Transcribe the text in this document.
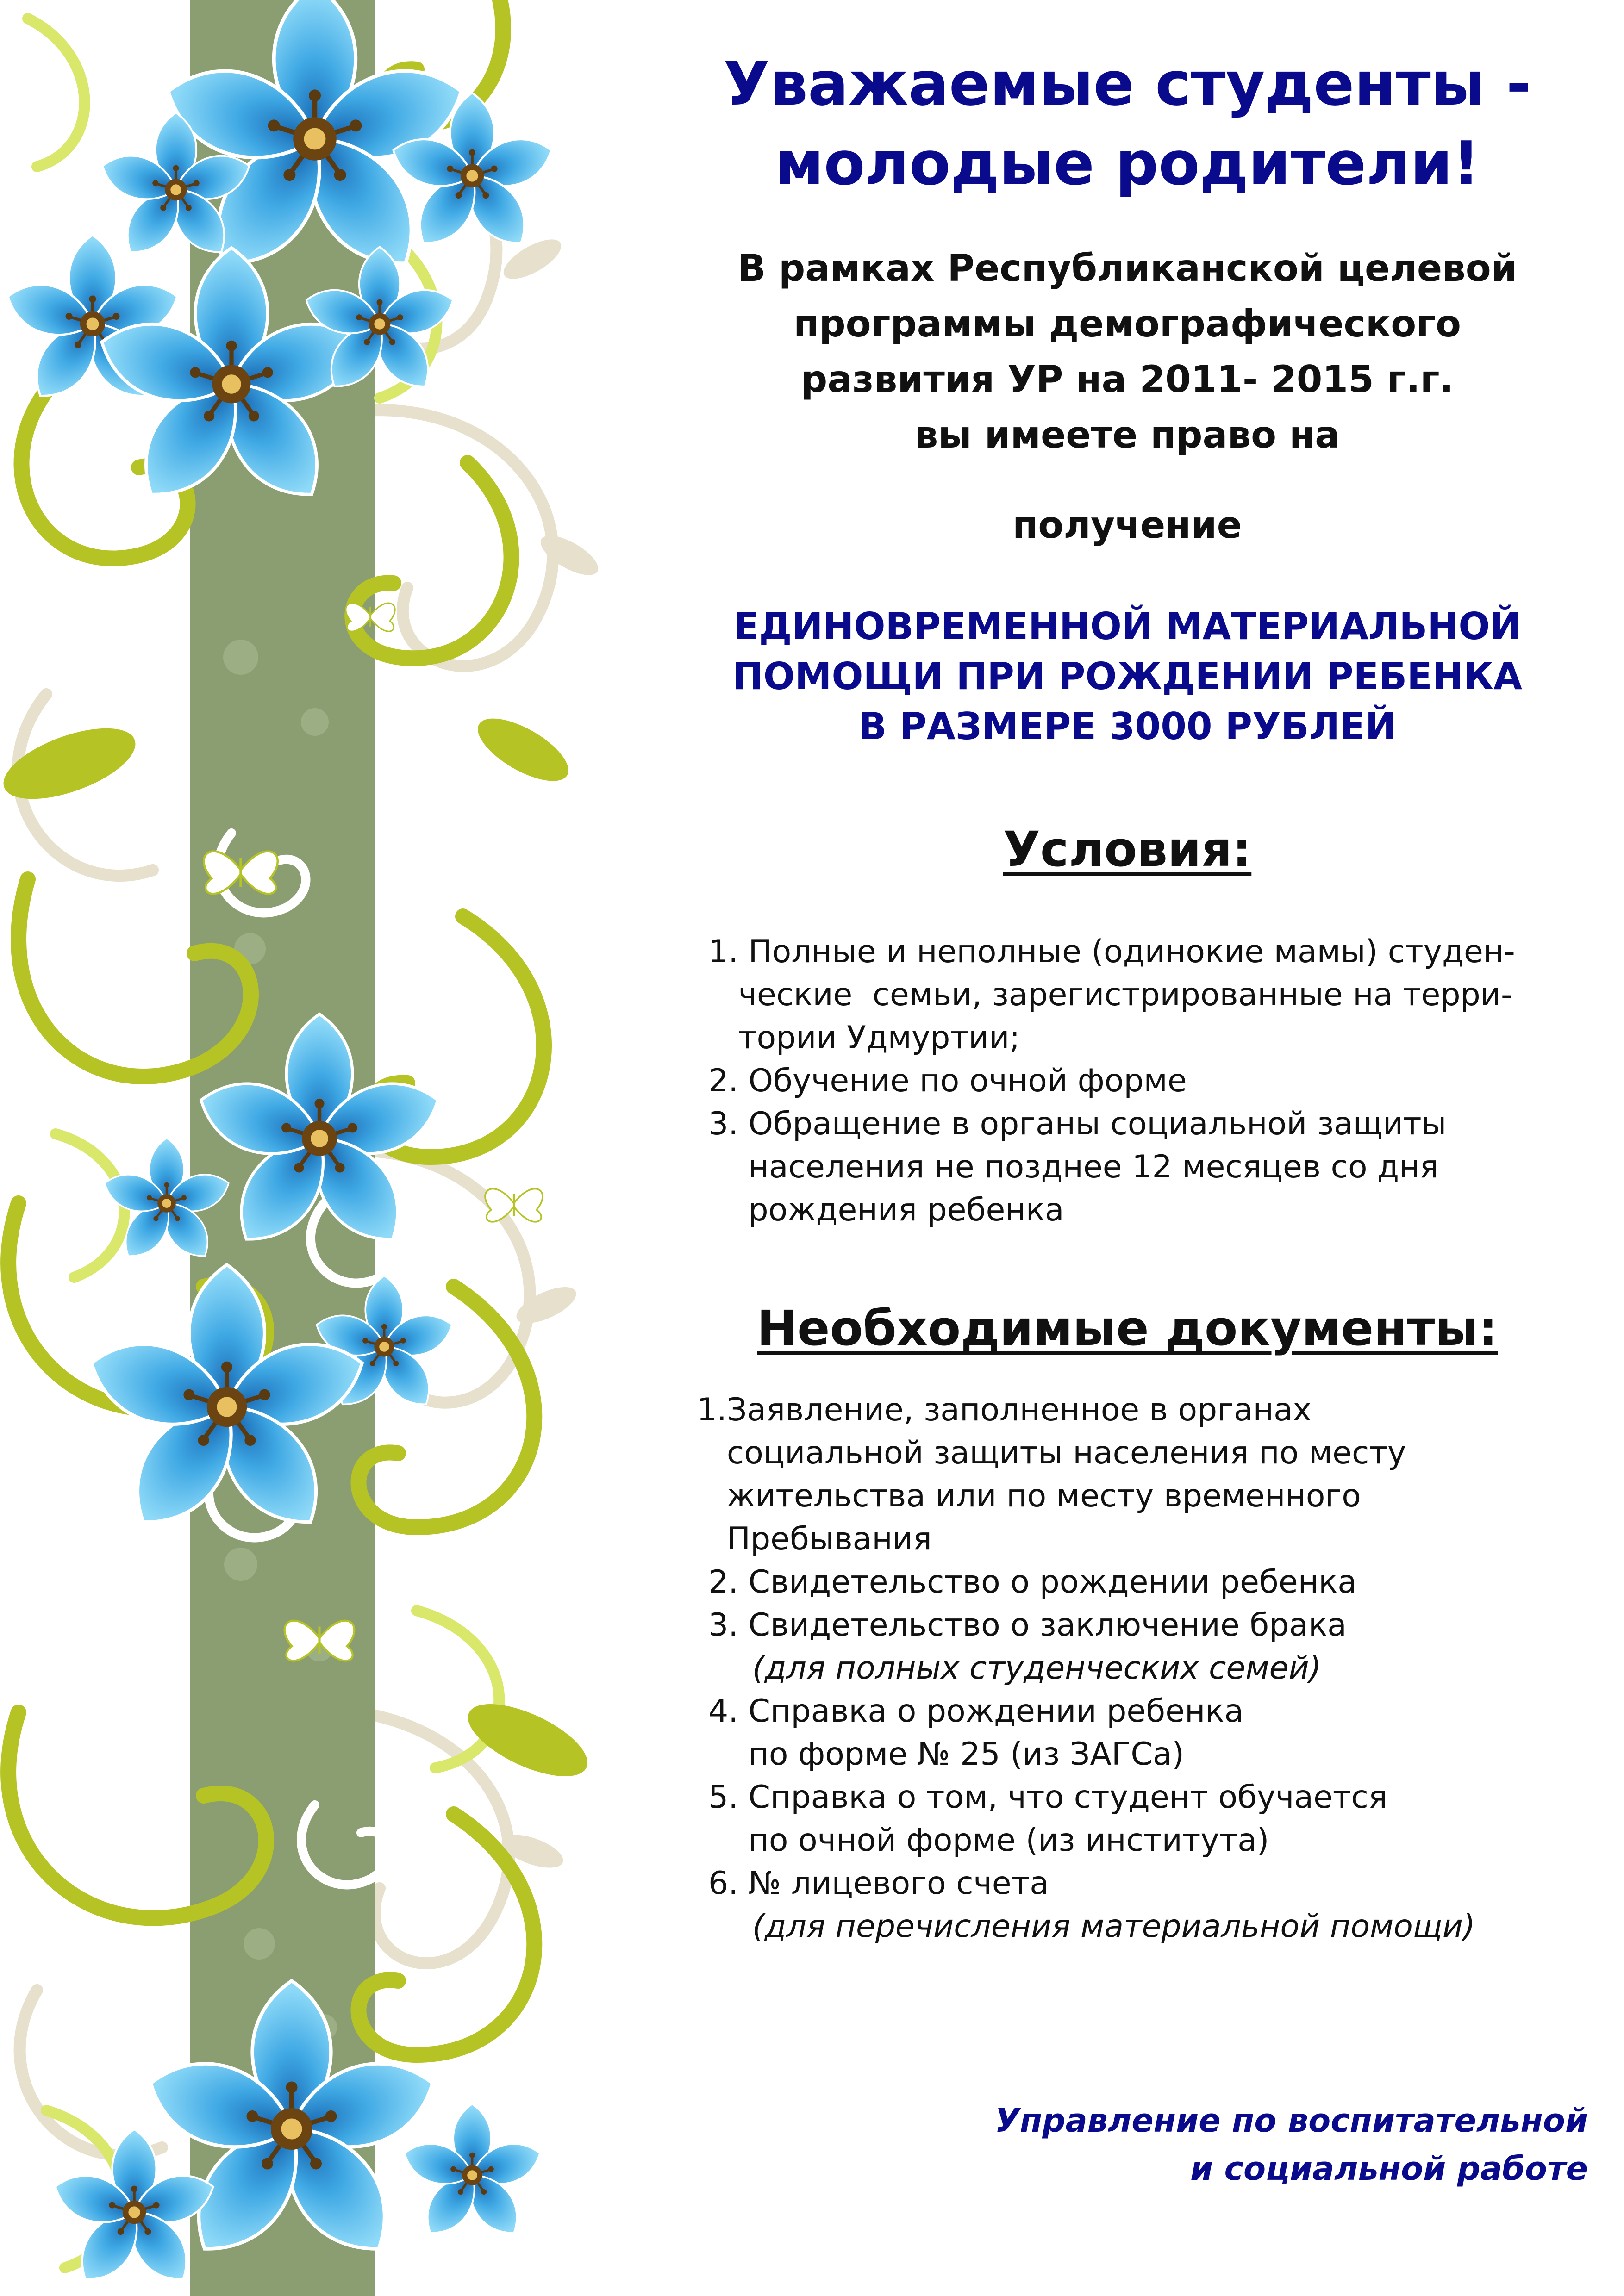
Уважаемые студенты -
молодые родители!
В рамках Республиканской целевой
программы демографического
развития УР на 2011- 2015 г.г.
вы имеете право на
получение
ЕДИНОВРЕМЕННОЙ МАТЕРИАЛЬНОЙ
ПОМОЩИ ПРИ РОЖДЕНИИ РЕБЕНКА
В РАЗМЕРЕ 3000 РУБЛЕЙ
Условия:
1. Полные и неполные (одинокие мамы) студен-
ческие  семьи, зарегистрированные на терри-
тории Удмуртии;
2. Обучение по очной форме
3. Обращение в органы социальной защиты
населения не позднее 12 месяцев со дня
рождения ребенка
Необходимые документы:
1.Заявление, заполненное в органах
социальной защиты населения по месту
жительства или по месту временного
Пребывания
2. Свидетельство о рождении ребенка
3. Свидетельство о заключение брака
(для полных студенческих семей)
4. Справка о рождении ребенка
по форме № 25 (из ЗАГСа)
5. Справка о том, что студент обучается
по очной форме (из института)
6. № лицевого счета
(для перечисления материальной помощи)
Управление по воспитательной
и социальной работе
